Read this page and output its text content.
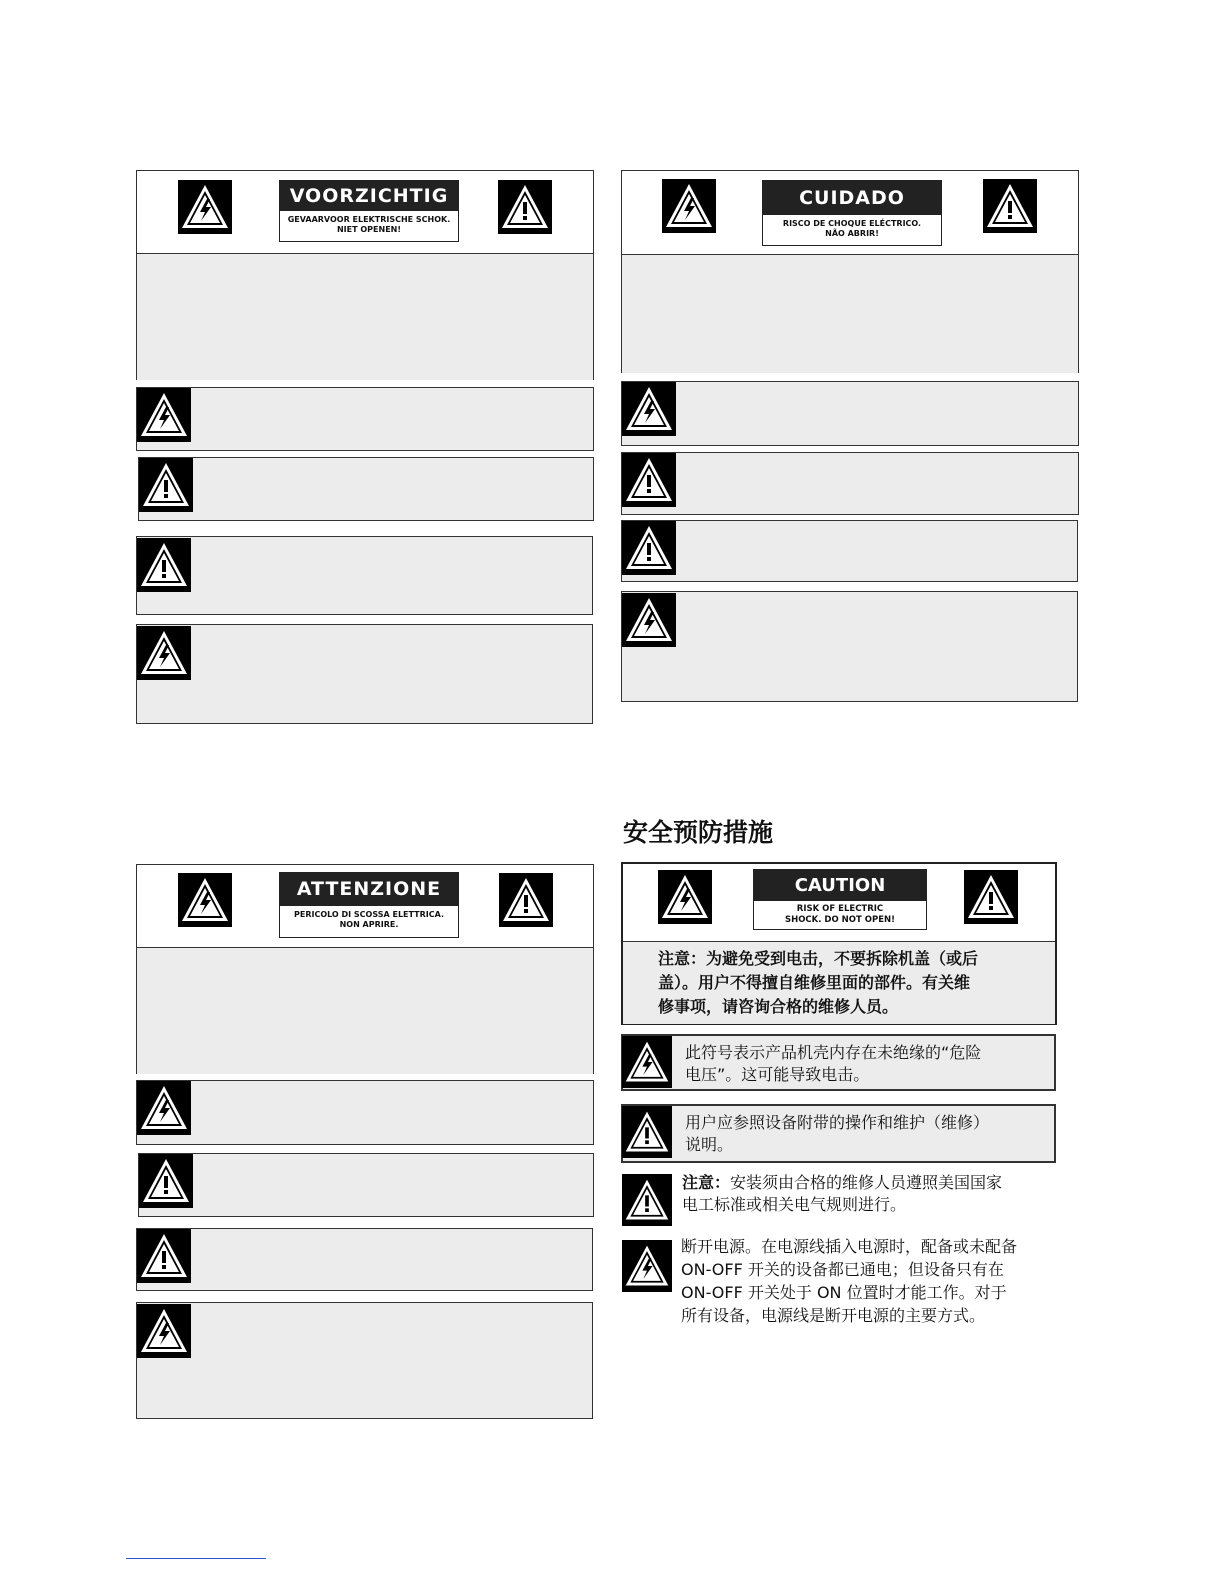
VOORZICHTIG
GEVAARVOOR ELEKTRISCHE SCHOK.
NIET OPENEN!
CUIDADO
RISCO DE CHOQUE ELÉCTRICO.
NÃO ABRIR!
ATTENZIONE
PERICOLO DI SCOSSA ELETTRICA.
NON APRIRE.
安全预防措施
CAUTION
RISK OF ELECTRIC
SHOCK. DO NOT OPEN!
注意：为避免受到电击，不要拆除机盖（或后
盖）。用户不得擅自维修里面的部件。有关维
修事项，请咨询合格的维修人员。
此符号表示产品机壳内存在未绝缘的“危险
电压”。这可能导致电击。
用户应参照设备附带的操作和维护（维修）
说明。
注意：安装须由合格的维修人员遵照美国国家
电工标准或相关电气规则进行。
断开电源。在电源线插入电源时，配备或未配备
ON-OFF 开关的设备都已通电；但设备只有在
ON-OFF 开关处于 ON 位置时才能工作。对于
所有设备，电源线是断开电源的主要方式。
